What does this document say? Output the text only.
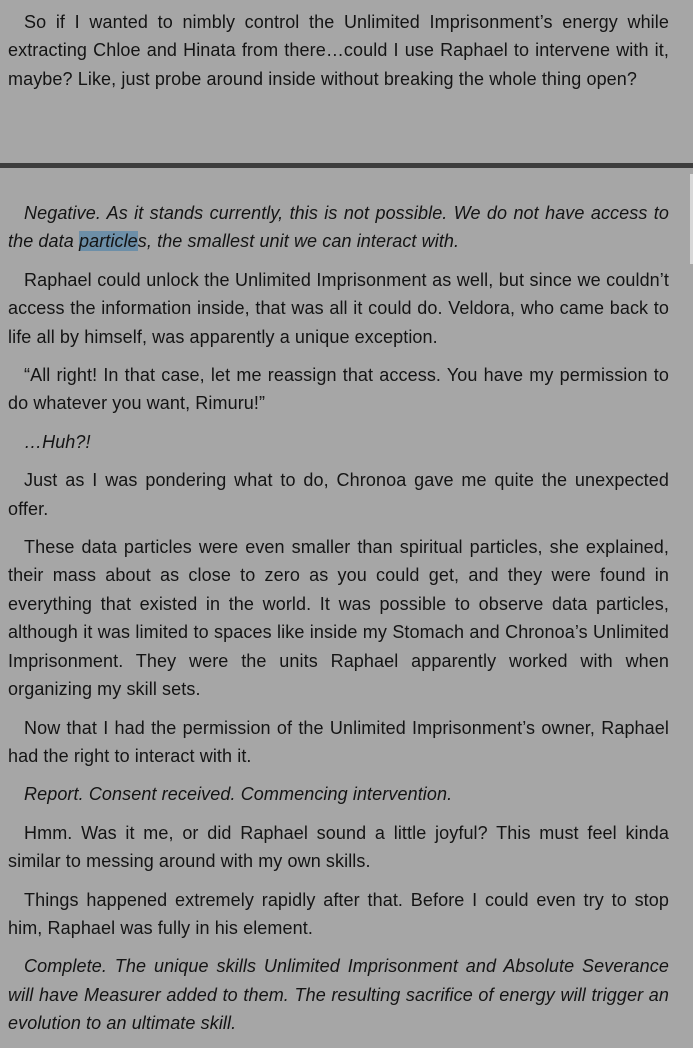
So if I wanted to nimbly control the Unlimited Imprisonment’s energy while extracting Chloe and Hinata from there…could I use Raphael to intervene with it, maybe? Like, just probe around inside without breaking the whole thing open?

Negative. As it stands currently, this is not possible. We do not have access to the data particles, the smallest unit we can interact with.

Raphael could unlock the Unlimited Imprisonment as well, but since we couldn’t access the information inside, that was all it could do. Veldora, who came back to life all by himself, was apparently a unique exception.

“All right! In that case, let me reassign that access. You have my permission to do whatever you want, Rimuru!”

…Huh?!

Just as I was pondering what to do, Chronoa gave me quite the unexpected offer.

These data particles were even smaller than spiritual particles, she explained, their mass about as close to zero as you could get, and they were found in everything that existed in the world. It was possible to observe data particles, although it was limited to spaces like inside my Stomach and Chronoa’s Unlimited Imprisonment. They were the units Raphael apparently worked with when organizing my skill sets.

Now that I had the permission of the Unlimited Imprisonment’s owner, Raphael had the right to interact with it.

Report. Consent received. Commencing intervention.

Hmm. Was it me, or did Raphael sound a little joyful? This must feel kinda similar to messing around with my own skills.

Things happened extremely rapidly after that. Before I could even try to stop him, Raphael was fully in his element.

Complete. The unique skills Unlimited Imprisonment and Absolute Severance will have Measurer added to them. The resulting sacrifice of energy will trigger an evolution to an ultimate skill.
